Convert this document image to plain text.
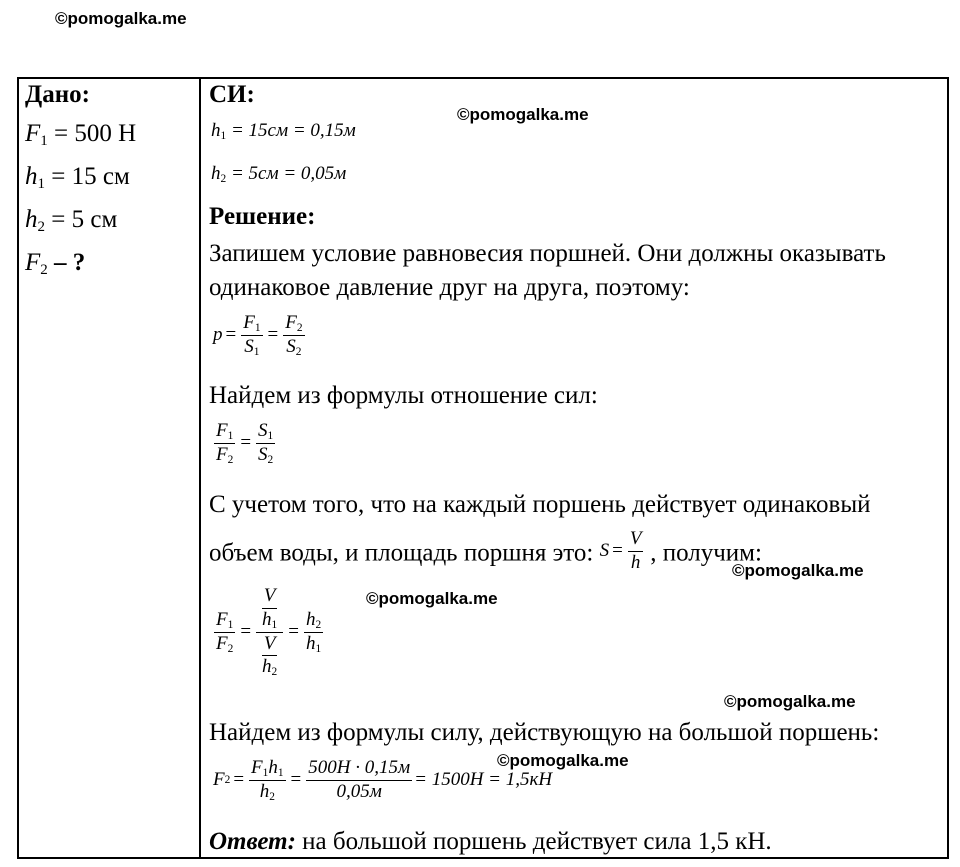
©pomogalka.me
©pomogalka.me
©pomogalka.me
©pomogalka.me
©pomogalka.me
©pomogalka.me
Дано:
$F_1 = 500$ Н
$h_1 = 15$ см
$h_2 = 5$ см
$F_2$ – ?
СИ:
$h_1 = 15см = 0,15м$
$h_2 = 5см = 0,05м$
Решение:
Запишем условие равновесия поршней. Они должны оказывать
одинаковое давление друг на друга, поэтому:
$p = \frac{F_1}{S_1} = \frac{F_2}{S_2}$
Найдем из формулы отношение сил:
$\frac{F_1}{F_2} = \frac{S_1}{S_2}$
С учетом того, что на каждый поршень действует одинаковый
объем воды, и площадь поршня это: $S = \frac{V}{h}$ , получим:
$\frac{F_1}{F_2} = \frac{\frac{V}{h_1}}{\frac{V}{h_2}} = \frac{h_2}{h_1}$
Найдем из формулы силу, действующую на большой поршень:
F $2 = \frac{F_1h_1}{h_2} = \frac{500Н \cdot 0,15м}{0,05м} = 1500Н = 1,5кН$
Ответ: на большой поршень действует сила 1,5 кН.
